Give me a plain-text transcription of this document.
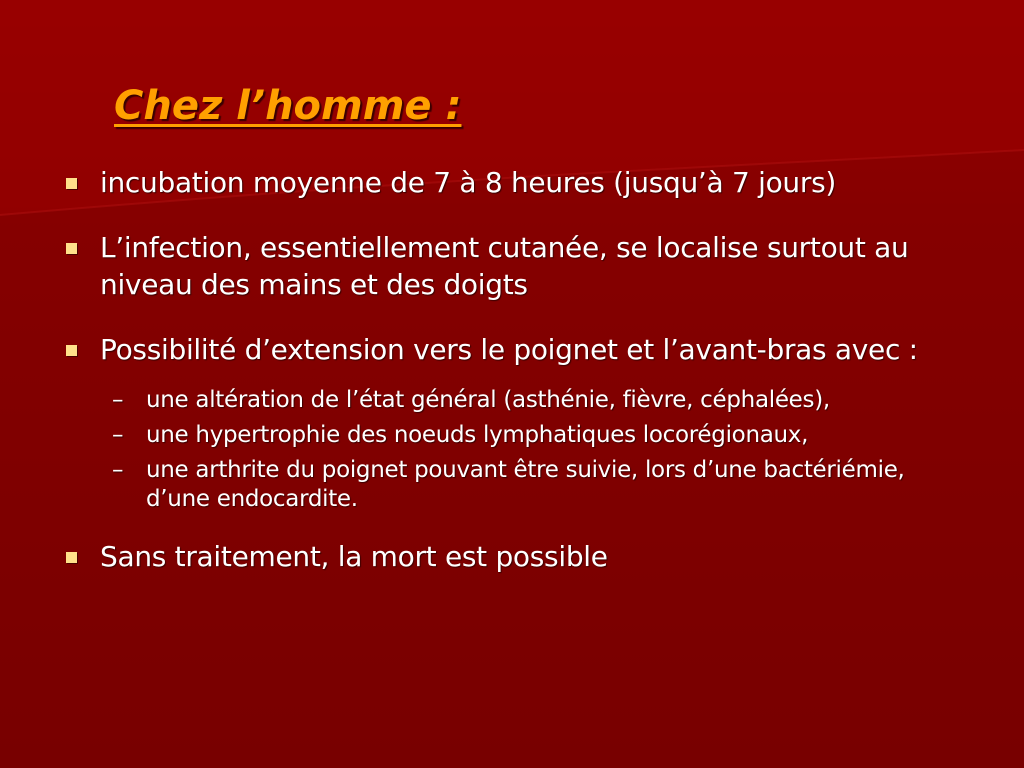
Chez l’homme :
incubation moyenne de 7 à 8 heures (jusqu’à 7 jours)
L’infection, essentiellement cutanée, se localise surtout au niveau des mains et des doigts
Possibilité d’extension vers le poignet et l’avant-bras avec :
– une altération de l’état général (asthénie, fièvre, céphalées),
– une hypertrophie des noeuds lymphatiques locorégionaux,
– une arthrite du poignet pouvant être suivie, lors d’une bactériémie, d’une endocardite.
Sans traitement, la mort est possible
